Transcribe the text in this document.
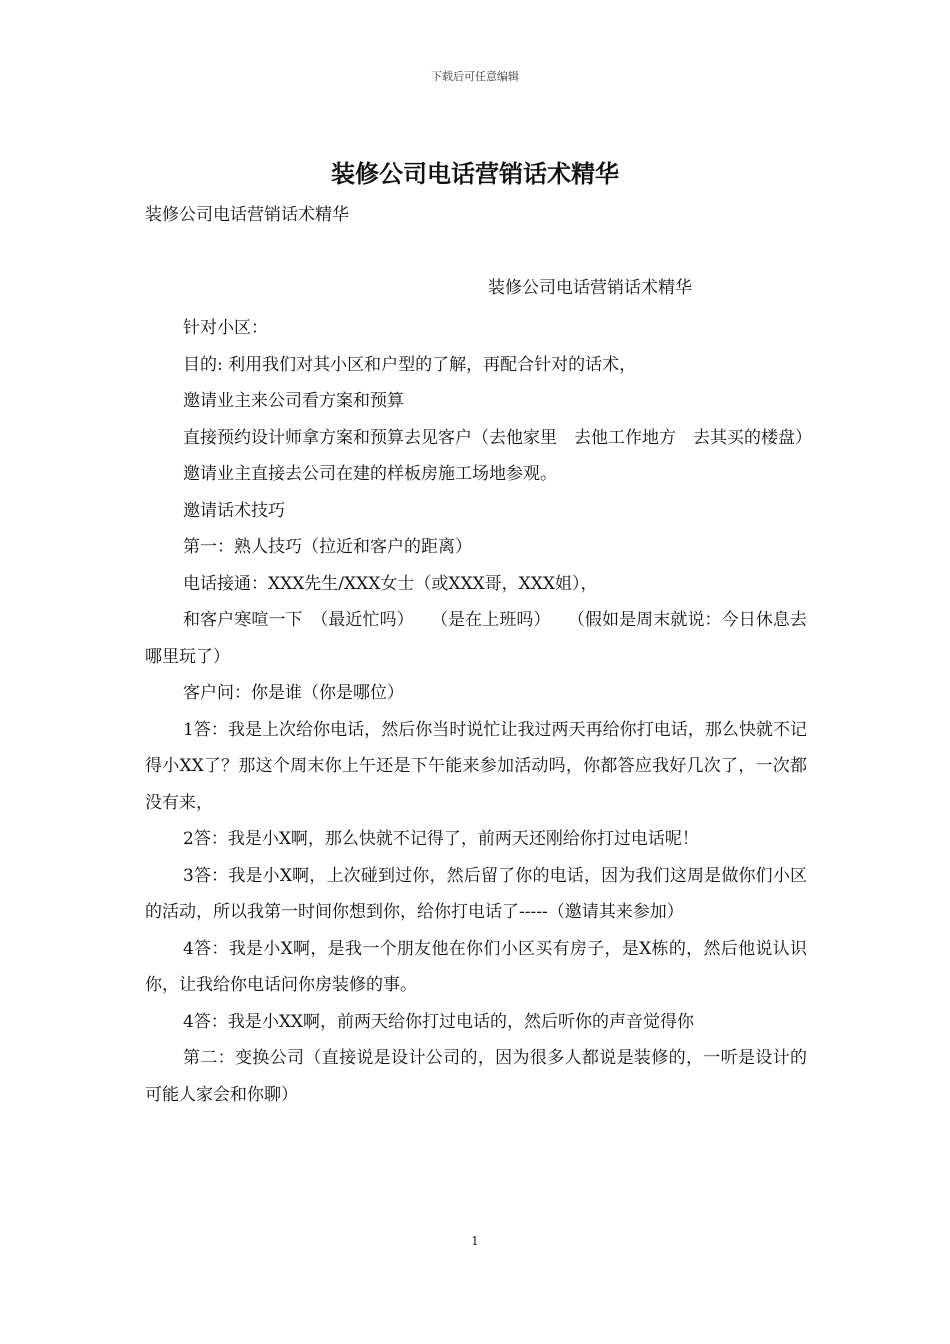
下载后可任意编辑
装修公司电话营销话术精华

装修公司电话营销话术精华

装修公司电话营销话术精华

针对小区：

目的: 利用我们对其小区和户型的了解，再配合针对的话术，

邀请业主来公司看方案和预算

直接预约设计师拿方案和预算去见客户（去他家里　去他工作地方　去其买的楼盘）

邀请业主直接去公司在建的样板房施工场地参观。

邀请话术技巧

第一：熟人技巧（拉近和客户的距离）

电话接通：XXX先生/XXX女士（或XXX哥，XXX姐），

和客户寒喧一下　（最近忙吗）　　（是在上班吗）　　（假如是周末就说：今日休息去哪里玩了）

客户问：你是谁（你是哪位）

1答：我是上次给你电话，然后你当时说忙让我过两天再给你打电话，那么快就不记得小XX了？那这个周末你上午还是下午能来参加活动吗，你都答应我好几次了，一次都没有来，

2答：我是小X啊，那么快就不记得了，前两天还刚给你打过电话呢！

3答：我是小X啊，上次碰到过你，然后留了你的电话，因为我们这周是做你们小区的活动，所以我第一时间你想到你，给你打电话了-----（邀请其来参加）

4答：我是小X啊，是我一个朋友他在你们小区买有房子，是X栋的，然后他说认识你，让我给你电话问你房装修的事。

4答：我是小XX啊，前两天给你打过电话的，然后听你的声音觉得你

第二：变换公司（直接说是设计公司的，因为很多人都说是装修的，一听是设计的可能人家会和你聊）

1
